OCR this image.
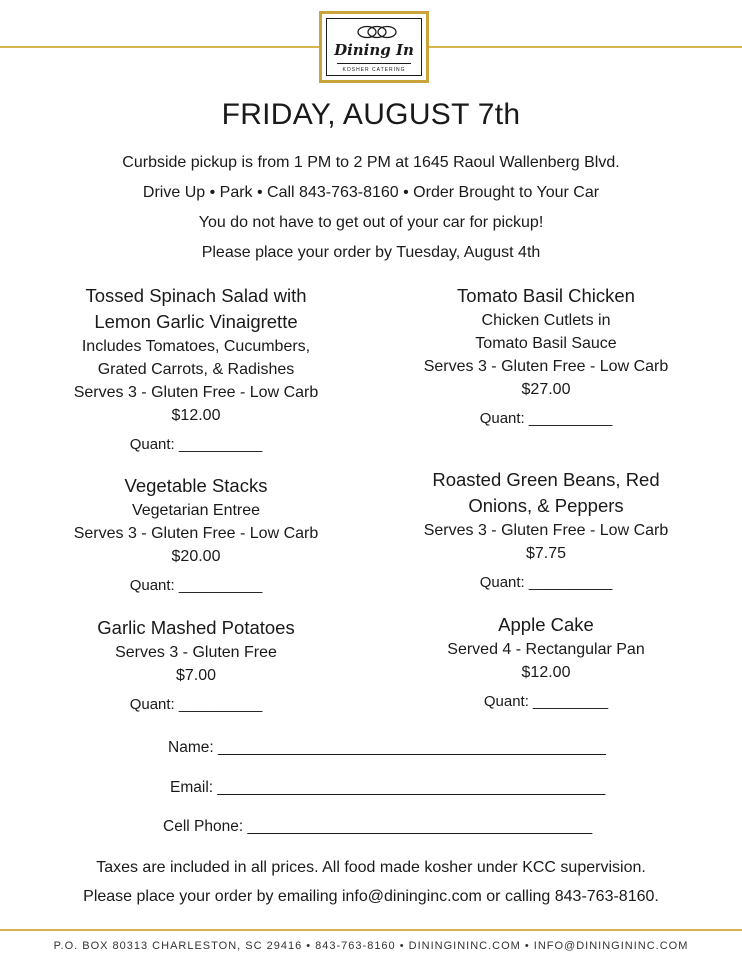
Dining In
KOSHER CATERING
FRIDAY, AUGUST 7th
Curbside pickup is from 1 PM to 2 PM at 1645 Raoul Wallenberg Blvd.
Drive Up • Park • Call 843-763-8160 • Order Brought to Your Car
You do not have to get out of your car for pickup!
Please place your order by Tuesday, August 4th
Tossed Spinach Salad with
Lemon Garlic Vinaigrette
Includes Tomatoes, Cucumbers,
Grated Carrots, & Radishes
Serves 3 - Gluten Free - Low Carb
$12.00
Quant: __________
Tomato Basil Chicken
Chicken Cutlets in
Tomato Basil Sauce
Serves 3 - Gluten Free - Low Carb
$27.00
Quant: __________
Vegetable Stacks
Vegetarian Entree
Serves 3 - Gluten Free - Low Carb
$20.00
Quant: __________
Roasted Green Beans, Red
Onions, & Peppers
Serves 3 - Gluten Free - Low Carb
$7.75
Quant: __________
Garlic Mashed Potatoes
Serves 3 - Gluten Free
$7.00
Quant: __________
Apple Cake
Served 4 - Rectangular Pan
$12.00
Quant: _________
Name: _____________________________________________
Email: _____________________________________________
Cell Phone: ________________________________________
Taxes are included in all prices. All food made kosher under KCC supervision.
Please place your order by emailing info@dininginc.com or calling 843-763-8160.
P.O. BOX 80313 CHARLESTON, SC 29416 • 843-763-8160 • DININGININC.COM • INFO@DININGININC.COM
